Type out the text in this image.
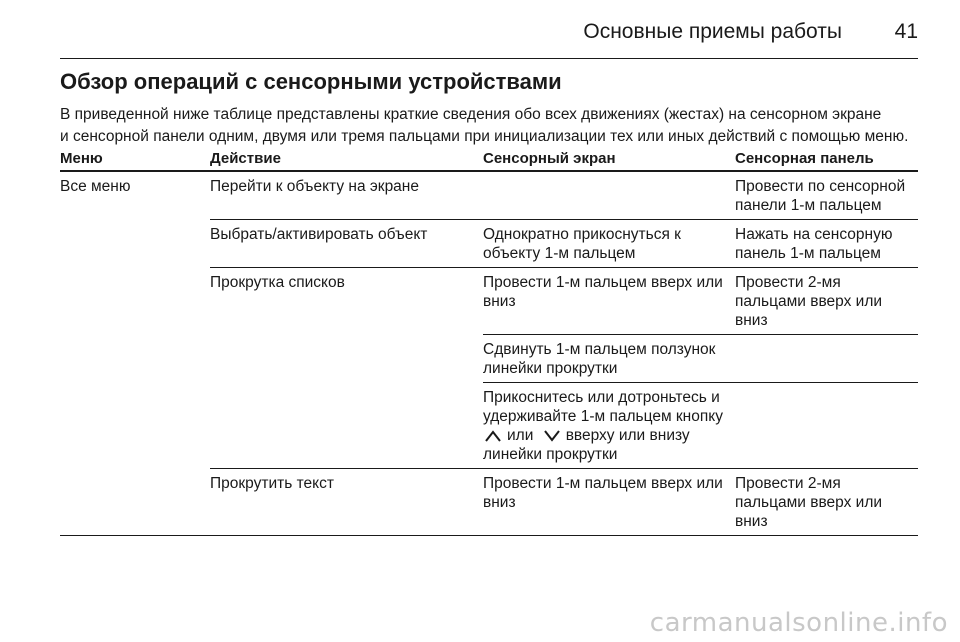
Основные приемы работы	41
Обзор операций с сенсорными устройствами
В приведенной ниже таблице представлены краткие сведения обо всех движениях (жестах) на сенсорном экране
и сенсорной панели одним, двумя или тремя пальцами при инициализации тех или иных действий с помощью меню.
Меню	Действие	Сенсорный экран	Сенсорная панель
Все меню	Перейти к объекту на экране		Провести по сенсорной панели 1-м пальцем
	Выбрать/активировать объект	Однократно прикоснуться к объекту 1-м пальцем	Нажать на сенсорную панель 1-м пальцем
	Прокрутка списков	Провести 1-м пальцем вверх или вниз	Провести 2-мя пальцами вверх или вниз
		Сдвинуть 1-м пальцем ползунок линейки прокрутки	
		Прикоснитесь или дотроньтесь и удерживайте 1-м пальцем кнопку
или вверху или внизу линейки прокрутки	
	Прокрутить текст	Провести 1-м пальцем вверх или вниз	Провести 2-мя пальцами вверх или вниз
carmanualsonline.info
